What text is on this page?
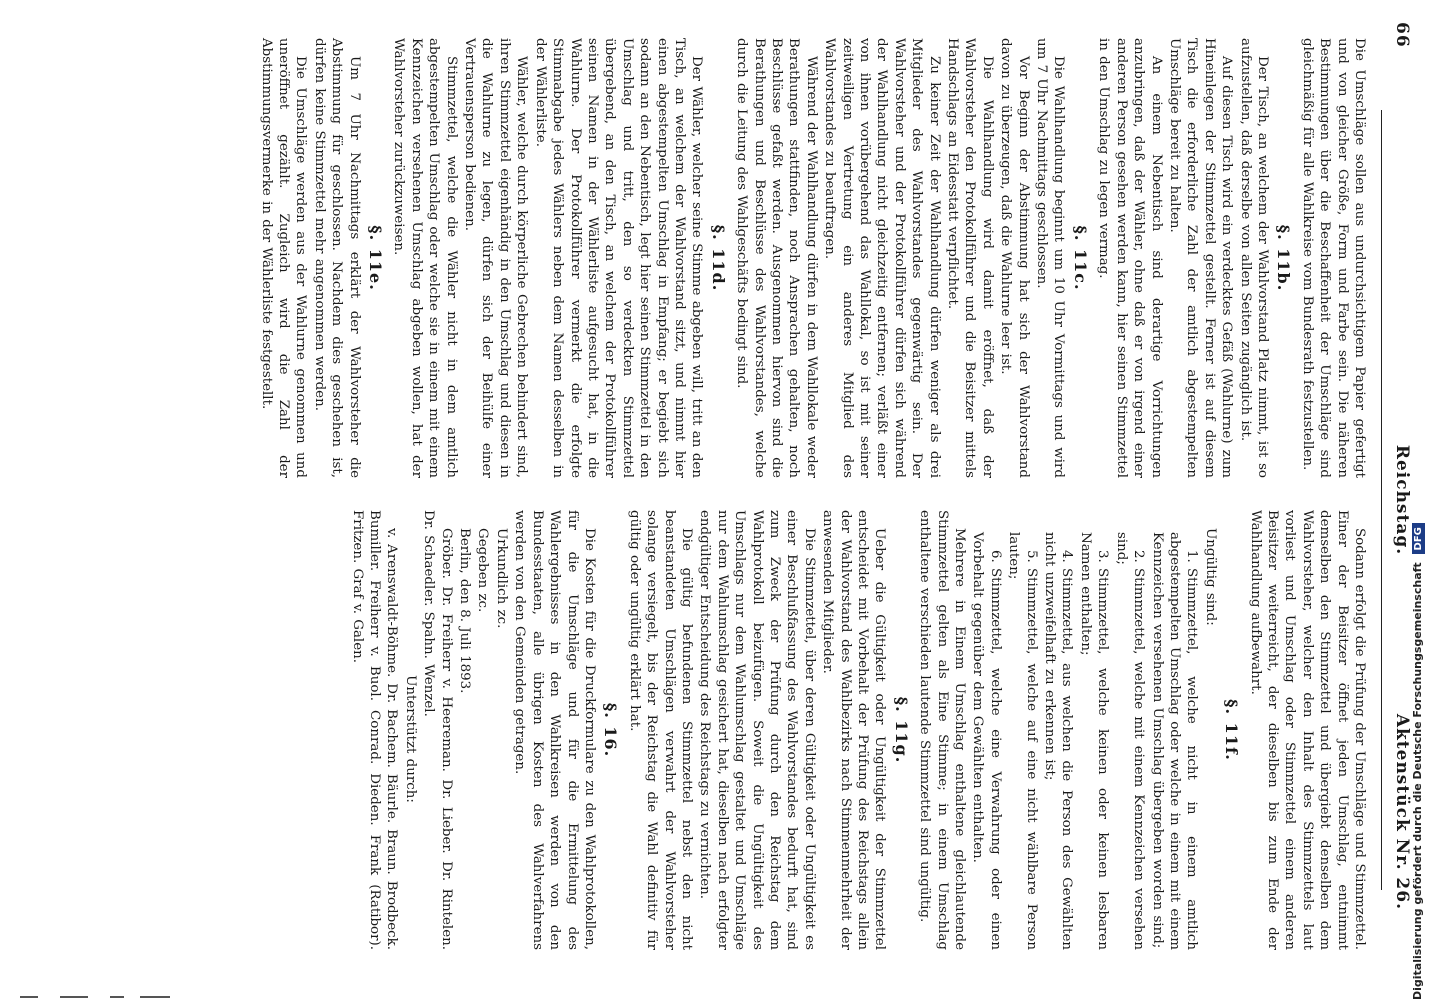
66
Reichstag.
Aktenstück Nr. 26.

Die Umschläge sollen aus undurchsichtigem Papier gefertigt und von gleicher Größe, Form und Farbe sein. Die näheren Bestimmungen über die Beschaffenheit der Umschläge sind gleichmäßig für alle Wahlkreise vom Bundesrath festzustellen.

§. 11b.

Der Tisch, an welchem der Wahlvorstand Platz nimmt, ist so aufzustellen, daß derselbe von allen Seiten zugänglich ist.

Auf diesen Tisch wird ein verdecktes Gefäß (Wahlurne) zum Hineinlegen der Stimmzettel gestellt. Ferner ist auf diesem Tisch die erforderliche Zahl der amtlich abgestempelten Umschläge bereit zu halten.

An einem Nebentisch sind derartige Vorrichtungen anzubringen, daß der Wähler, ohne daß er von irgend einer anderen Person gesehen werden kann, hier seinen Stimmzettel in den Umschlag zu legen vermag.

§. 11c.

Die Wahlhandlung beginnt um 10 Uhr Vormittags und wird um 7 Uhr Nachmittags geschlossen.

Vor Beginn der Abstimmung hat sich der Wahlvorstand davon zu überzeugen, daß die Wahlurne leer ist.

Die Wahlhandlung wird damit eröffnet, daß der Wahlvorsteher den Protokollführer und die Beisitzer mittels Handschlags an Eidesstatt verpflichtet.

Zu keiner Zeit der Wahlhandlung dürfen weniger als drei Mitglieder des Wahlvorstandes gegenwärtig sein. Der Wahlvorsteher und der Protokollführer dürfen sich während der Wahlhandlung nicht gleichzeitig entfernen; verläßt einer von ihnen vorübergehend das Wahllokal, so ist mit seiner zeitweiligen Vertretung ein anderes Mitglied des Wahlvorstandes zu beauftragen.

Während der Wahlhandlung dürfen in dem Wahllokale weder Berathungen stattfinden, noch Ansprachen gehalten, noch Beschlüsse gefaßt werden. Ausgenommen hiervon sind die Berathungen und Beschlüsse des Wahlvorstandes, welche durch die Leitung des Wahlgeschäfts bedingt sind.

§. 11d.

Der Wähler, welcher seine Stimme abgeben will, tritt an den Tisch, an welchem der Wahlvorstand sitzt, und nimmt hier einen abgestempelten Umschlag in Empfang; er begiebt sich sodann an den Nebentisch, legt hier seinen Stimmzettel in den Umschlag und tritt, den so verdeckten Stimmzettel übergebend, an den Tisch, an welchem der Protokollführer seinen Namen in der Wählerliste aufgesucht hat, in die Wahlurne. Der Protokollführer vermerkt die erfolgte Stimmabgabe jedes Wählers neben dem Namen desselben in der Wählerliste.

Wähler, welche durch körperliche Gebrechen behindert sind, ihren Stimmzettel eigenhändig in den Umschlag und diesen in die Wahlurne zu legen, dürfen sich der Beihülfe einer Vertrauensperson bedienen.

Stimmzettel, welche die Wähler nicht in dem amtlich abgestempelten Umschlag oder welche sie in einem mit einem Kennzeichen versehenen Umschlag abgeben wollen, hat der Wahlvorsteher zurückzuweisen.

§. 11e.

Um 7 Uhr Nachmittags erklärt der Wahlvorsteher die Abstimmung für geschlossen. Nachdem dies geschehen ist, dürfen keine Stimmzettel mehr angenommen werden.

Die Umschläge werden aus der Wahlurne genommen und uneröffnet gezählt. Zugleich wird die Zahl der Abstimmungsvermerke in der Wählerliste festgestellt.

Sodann erfolgt die Prüfung der Umschläge und Stimmzettel. Einer der Beisitzer öffnet jeden Umschlag, entnimmt demselben den Stimmzettel und übergiebt denselben dem Wahlvorsteher, welcher den Inhalt des Stimmzettels laut vorliest und Umschlag oder Stimmzettel einem anderen Beisitzer weiterreicht, der dieselben bis zum Ende der Wahlhandlung aufbewahrt.

§. 11f.

Ungültig sind:

1.Stimmzettel, welche nicht in einem amtlich abgestempelten Umschlag oder welche in einem mit einem Kennzeichen versehenen Umschlag übergeben worden sind;

2.Stimmzettel, welche mit einem Kennzeichen versehen sind;

3.Stimmzettel, welche keinen oder keinen lesbaren Namen enthalten;

4.Stimmzettel, aus welchen die Person des Gewählten nicht unzweifelhaft zu erkennen ist;

5.Stimmzettel, welche auf eine nicht wählbare Person lauten;

6.Stimmzettel, welche eine Verwahrung oder einen Vorbehalt gegenüber dem Gewählten enthalten.

Mehrere in Einem Umschlag enthaltene gleichlautende Stimmzettel gelten als Eine Stimme; in einem Umschlag enthaltene verschieden lautende Stimmzettel sind ungültig.

§. 11g.

Ueber die Gültigkeit oder Ungültigkeit der Stimmzettel entscheidet mit Vorbehalt der Prüfung des Reichstags allein der Wahlvorstand des Wahlbezirks nach Stimmenmehrheit der anwesenden Mitglieder.

Die Stimmzettel, über deren Gültigkeit oder Ungültigkeit es einer Beschlußfassung des Wahlvorstandes bedurft hat, sind zum Zweck der Prüfung durch den Reichstag dem Wahlprotokoll beizufügen. Soweit die Ungültigkeit des Umschlags nur dem Wahlumschlag gestaltet und Umschläge nur dem Wahlumschlag gesichert hat, dieselben nach erfolgter endgültiger Entscheidung des Reichstags zu vernichten.

Die gültig befundenen Stimmzettel nebst den nicht beanstandeten Umschlägen verwahrt der Wahlvorsteher solange versiegelt, bis der Reichstag die Wahl definitiv für gültig oder ungültig erklärt hat.

§. 16.

Die Kosten für die Druckformulare zu den Wahlprotokollen, für die Umschläge und für die Ermittelung des Wahlergebnisses in den Wahlkreisen werden von den Bundesstaaten, alle übrigen Kosten des Wahlverfahrens werden von den Gemeinden getragen.

Urkundlich zc.

Gegeben zc.

Berlin, den 8. Juli 1893.

Gröber. Dr. Freiherr v. Heereman. Dr. Lieber. Dr. Rintelen. Dr. Schaedler. Spahn. Wenzel.

Unterstützt durch:

v. Arenswaldt-Böhme. Dr. Bachem. Bäurle. Braun. Brodbeck. Bumiller. Freiherr v. Buol. Conrad. Dieden. Frank (Ratibor). Fritzen. Graf v. Galen.	Digitalisierung gefördert durch die Deutsche Forschungsgemeinschaft DFG
